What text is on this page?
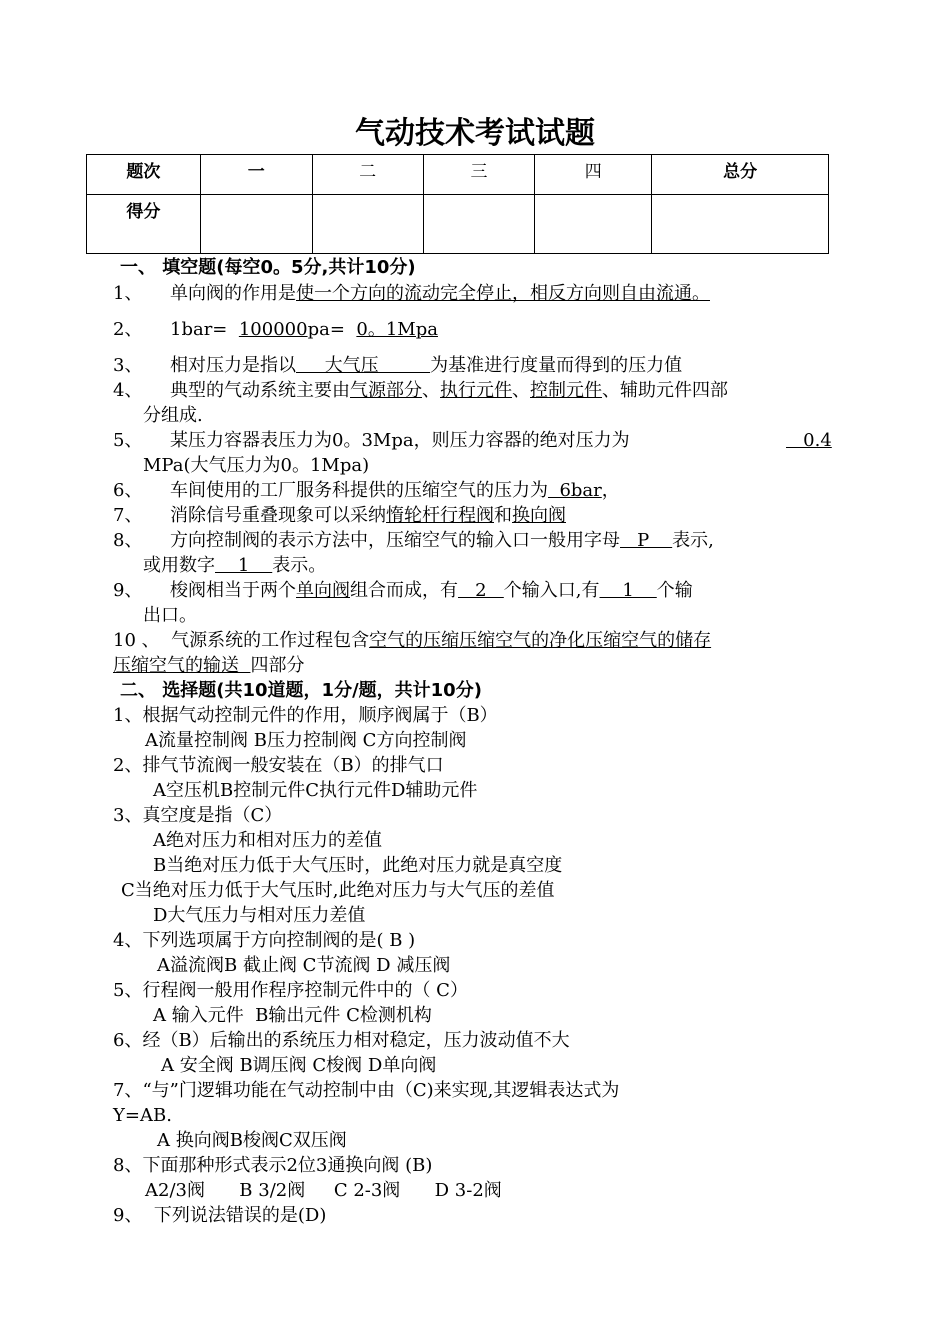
气动技术考试试题
题次	一	二	三	四	总分
得分					
一、 填空题(每空0。5分,共计10分)
1、 单向阀的作用是使一个方向的流动完全停止，相反方向则自由流通。
2、 1bar= 100000pa= 0。1Mpa
3、 相对压力是指以     大气压         为基准进行度量而得到的压力值
4、 典型的气动系统主要由气源部分、执行元件、控制元件、辅助元件四部
分组成.
5、 某压力容器表压力为0。3Mpa，则压力容器的绝对压力为	0.4
MPa(大气压力为0。1Mpa)
6、 车间使用的工厂服务科提供的压缩空气的压力为  6bar，
7、 消除信号重叠现象可以采纳惰轮杆行程阀和换向阀
8、 方向控制阀的表示方法中，压缩空气的输入口一般用字母   P    表示,
或用数字    1    表示。
9、 梭阀相当于两个单向阀组合而成，有   2   个输入口,有    1    个输
出口。
10 、 气源系统的工作过程包含空气的压缩压缩空气的净化压缩空气的储存
压缩空气的输送 四部分
二、 选择题(共10道题，1分/题，共计10分)
1、根据气动控制元件的作用，顺序阀属于（B）
A流量控制阀 B压力控制阀 C方向控制阀
2、排气节流阀一般安装在（B）的排气口
A空压机B控制元件C执行元件D辅助元件
3、真空度是指（C）
A绝对压力和相对压力的差值
B当绝对压力低于大气压时，此绝对压力就是真空度
C当绝对压力低于大气压时,此绝对压力与大气压的差值
D大气压力与相对压力差值
4、下列选项属于方向控制阀的是( B )
A溢流阀B 截止阀 C节流阀 D 减压阀
5、行程阀一般用作程序控制元件中的（ C）
A 输入元件  B输出元件 C检测机构
6、经（B）后输出的系统压力相对稳定，压力波动值不大
A 安全阀 B调压阀 C梭阀 D单向阀
7、“与”门逻辑功能在气动控制中由（C)来实现,其逻辑表达式为
Y=AB.
A 换向阀B梭阀C双压阀
8、下面那种形式表示2位3通换向阀 (B)
A2/3阀      B 3/2阀     C 2-3阀      D 3-2阀
9、  下列说法错误的是(D)
